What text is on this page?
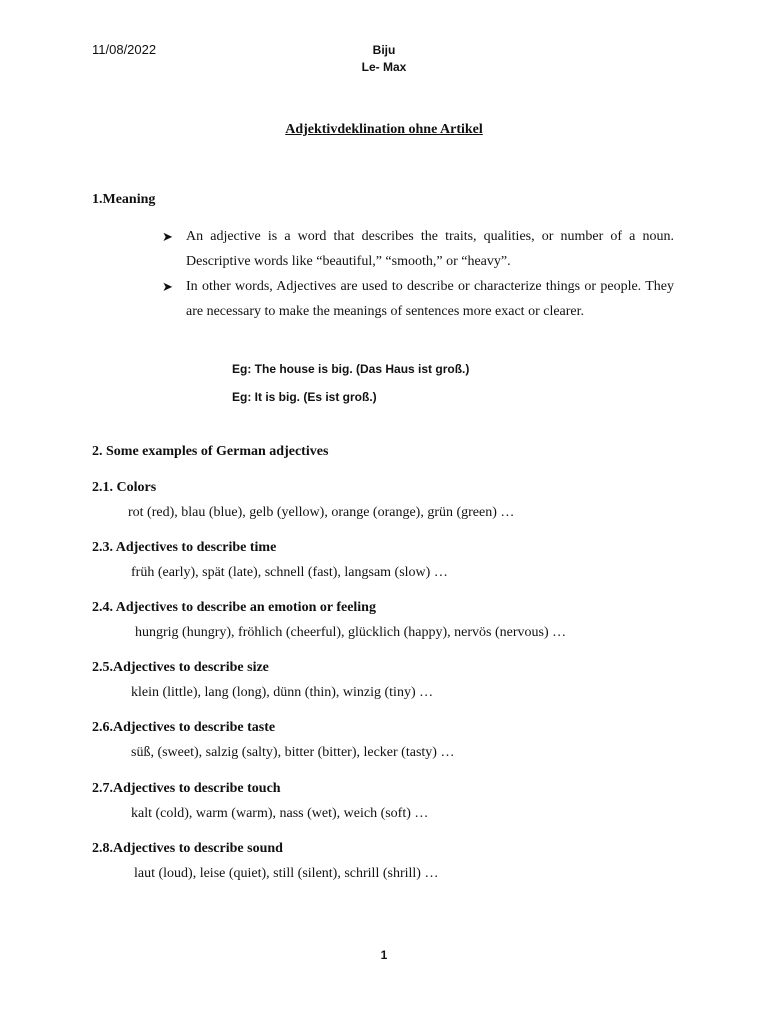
11/08/2022	Biju
Le- Max
Adjektivdeklination ohne Artikel
1.Meaning
➤ An adjective is a word that describes the traits, qualities, or number of a noun. Descriptive words like “beautiful,” “smooth,” or “heavy”.
➤ In other words, Adjectives are used to describe or characterize things or people. They are necessary to make the meanings of sentences more exact or clearer.
Eg: The house is big. (Das Haus ist groß.)
Eg: It is big. (Es ist groß.)
2. Some examples of German adjectives
2.1. Colors
rot (red), blau (blue), gelb (yellow), orange (orange), grün (green) …
2.3. Adjectives to describe time
früh (early), spät (late), schnell (fast), langsam (slow) …
2.4. Adjectives to describe an emotion or feeling
hungrig (hungry), fröhlich (cheerful), glücklich (happy), nervös (nervous) …
2.5.Adjectives to describe size
klein (little), lang (long), dünn (thin), winzig (tiny) …
2.6.Adjectives to describe taste
süß, (sweet), salzig (salty), bitter (bitter), lecker (tasty) …
2.7.Adjectives to describe touch
kalt (cold), warm (warm), nass (wet), weich (soft) …
2.8.Adjectives to describe sound
laut (loud), leise (quiet), still (silent), schrill (shrill) …
1
